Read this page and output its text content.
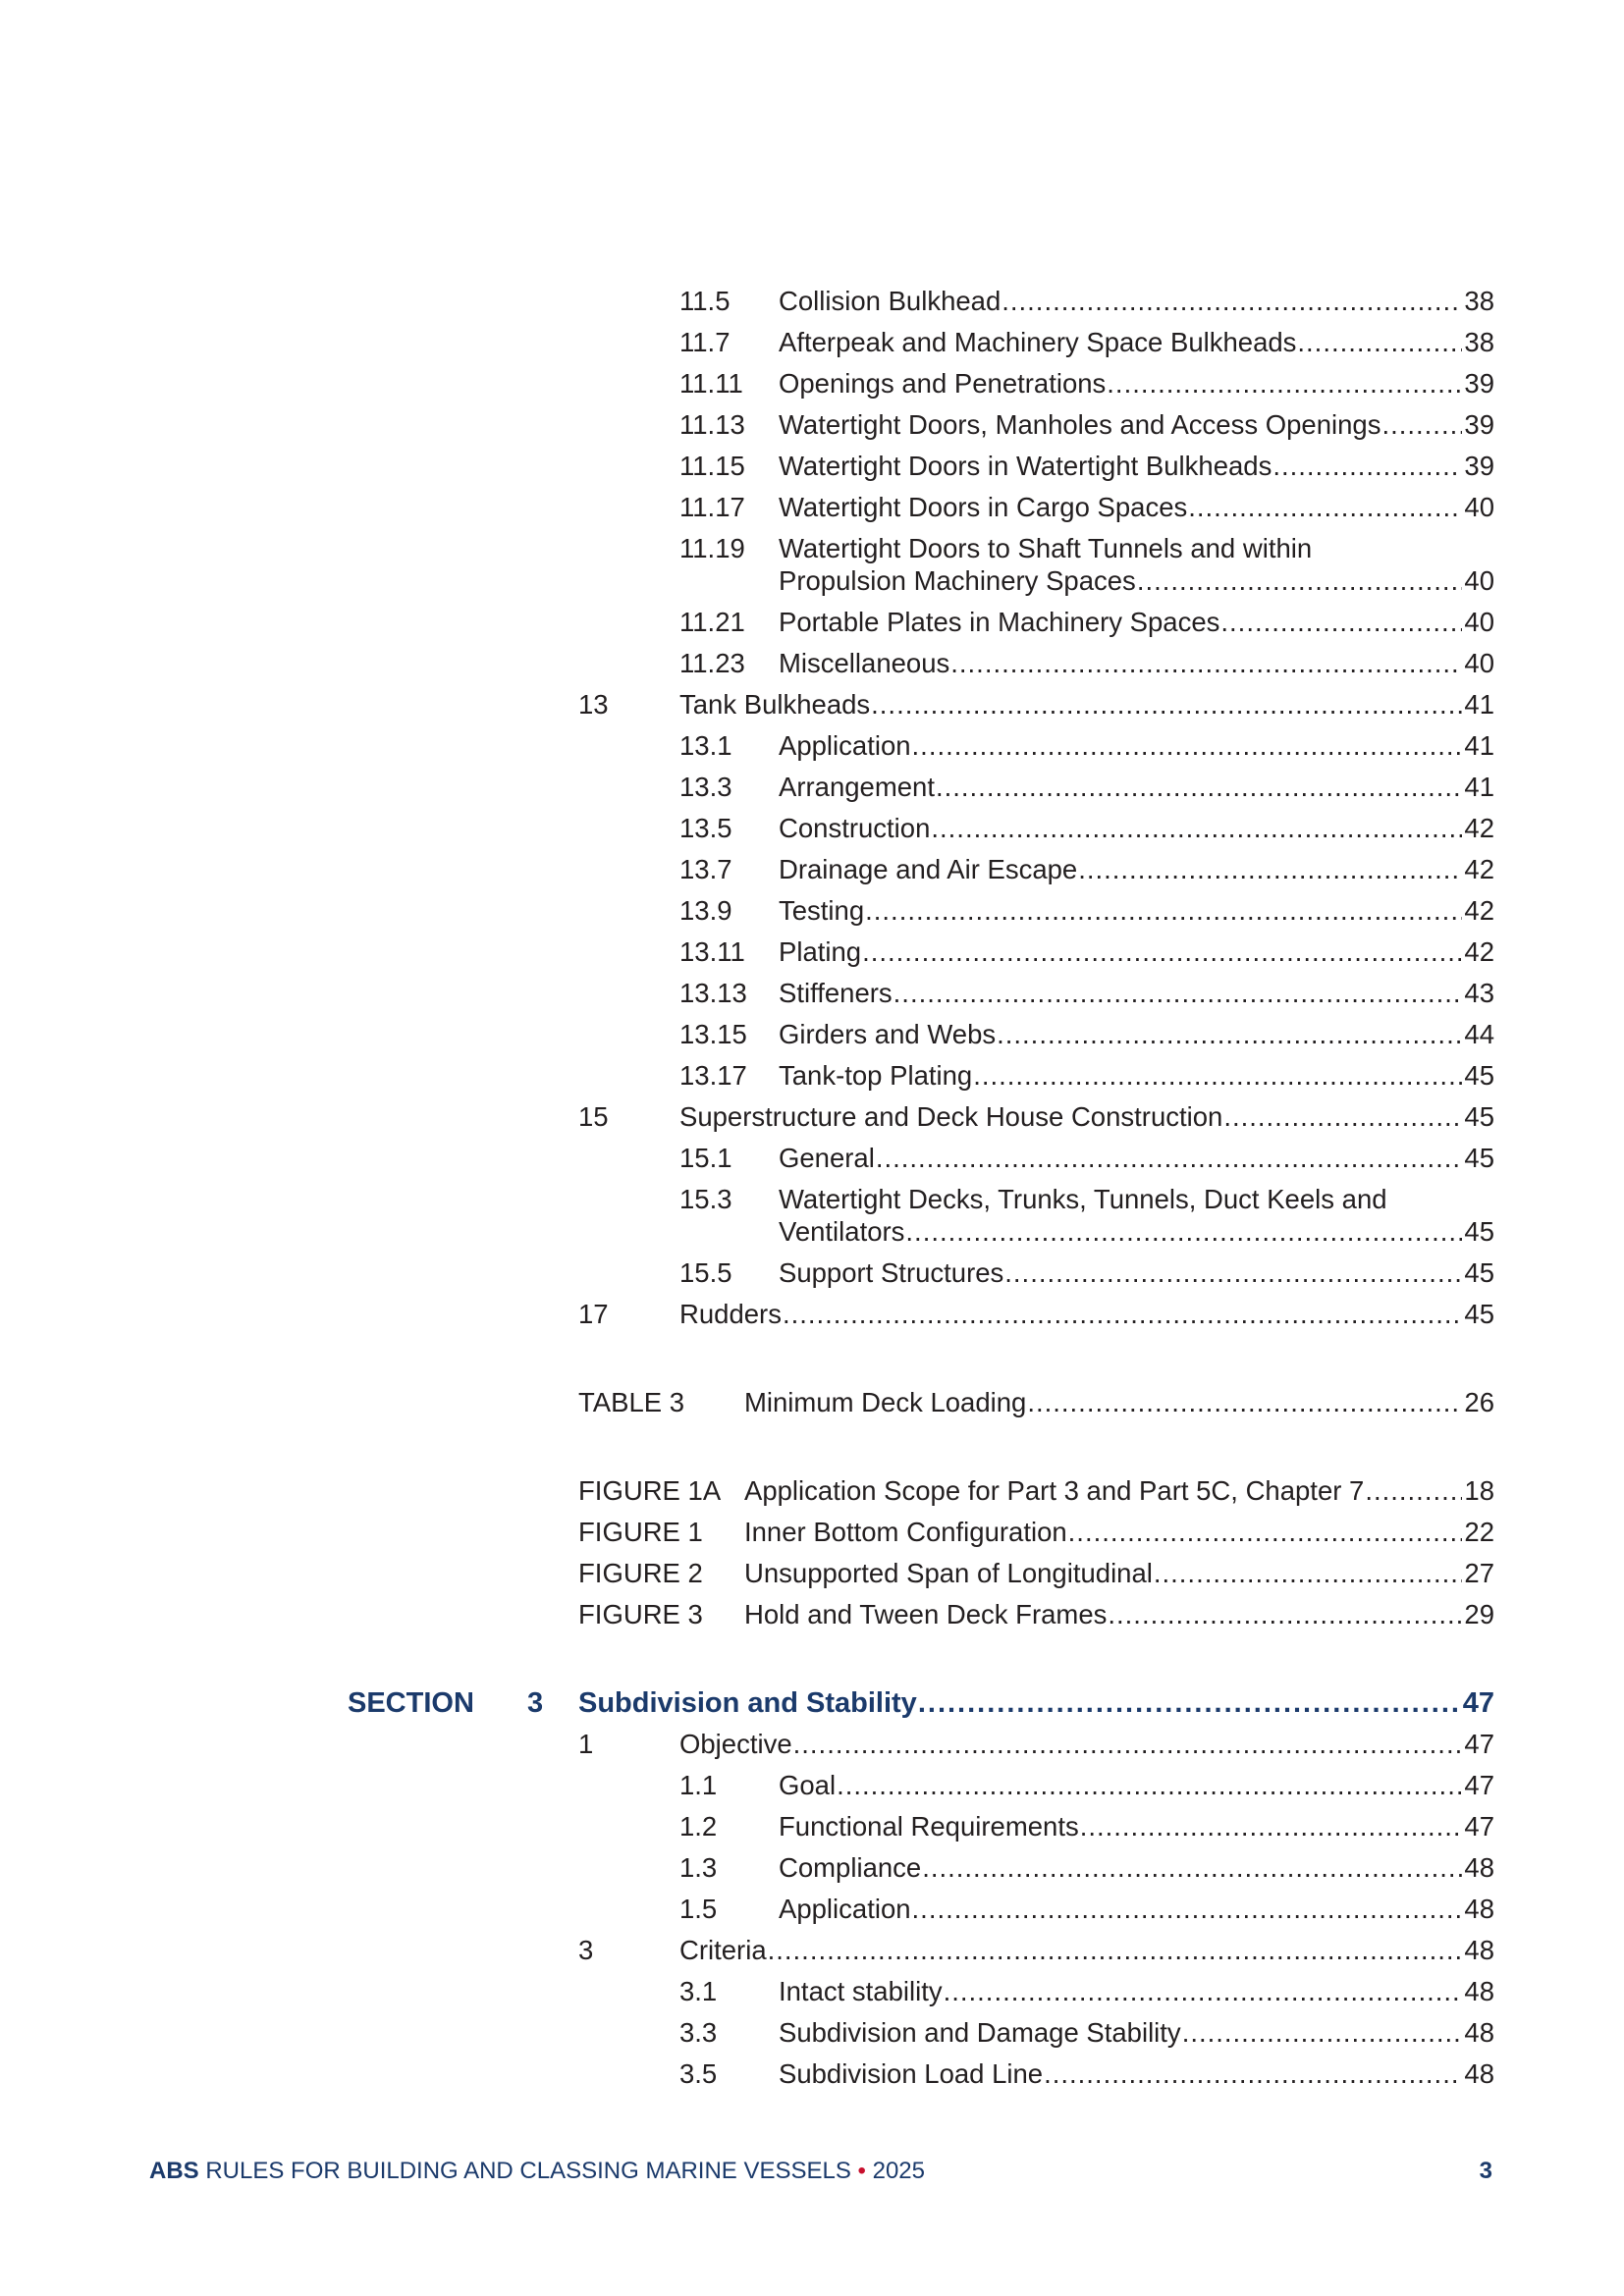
11.5 Collision Bulkhead .....	38
11.7 Afterpeak and Machinery Space Bulkheads .....	38
11.11 Openings and Penetrations .....	39
11.13 Watertight Doors, Manholes and Access Openings .....	39
11.15 Watertight Doors in Watertight Bulkheads .....	39
11.17 Watertight Doors in Cargo Spaces .....	40
11.19 Watertight Doors to Shaft Tunnels and within
Propulsion Machinery Spaces .....	40
11.21 Portable Plates in Machinery Spaces .....	40
11.23 Miscellaneous .....	40
13	Tank Bulkheads .....	41
13.1 Application .....	41
13.3 Arrangement .....	41
13.5 Construction .....	42
13.7 Drainage and Air Escape .....	42
13.9 Testing .....	42
13.11 Plating .....	42
13.13 Stiffeners .....	43
13.15 Girders and Webs .....	44
13.17 Tank-top Plating .....	45
15	Superstructure and Deck House Construction .....	45
15.1 General .....	45
15.3 Watertight Decks, Trunks, Tunnels, Duct Keels and
Ventilators .....	45
15.5 Support Structures .....	45
17	Rudders .....	45
TABLE 3 Minimum Deck Loading .....	26
FIGURE 1A Application Scope for Part 3 and Part 5C, Chapter 7 .....	18
FIGURE 1 Inner Bottom Configuration .....	22
FIGURE 2 Unsupported Span of Longitudinal .....	27
FIGURE 3 Hold and Tween Deck Frames .....	29
SECTION 3 Subdivision and Stability .....	47
1	Objective .....	47
1.1 Goal .....	47
1.2 Functional Requirements .....	47
1.3 Compliance .....	48
1.5 Application .....	48
3	Criteria .....	48
3.1 Intact stability .....	48
3.3 Subdivision and Damage Stability .....	48
3.5 Subdivision Load Line .....	48
ABS RULES FOR BUILDING AND CLASSING MARINE VESSELS • 2025	3
